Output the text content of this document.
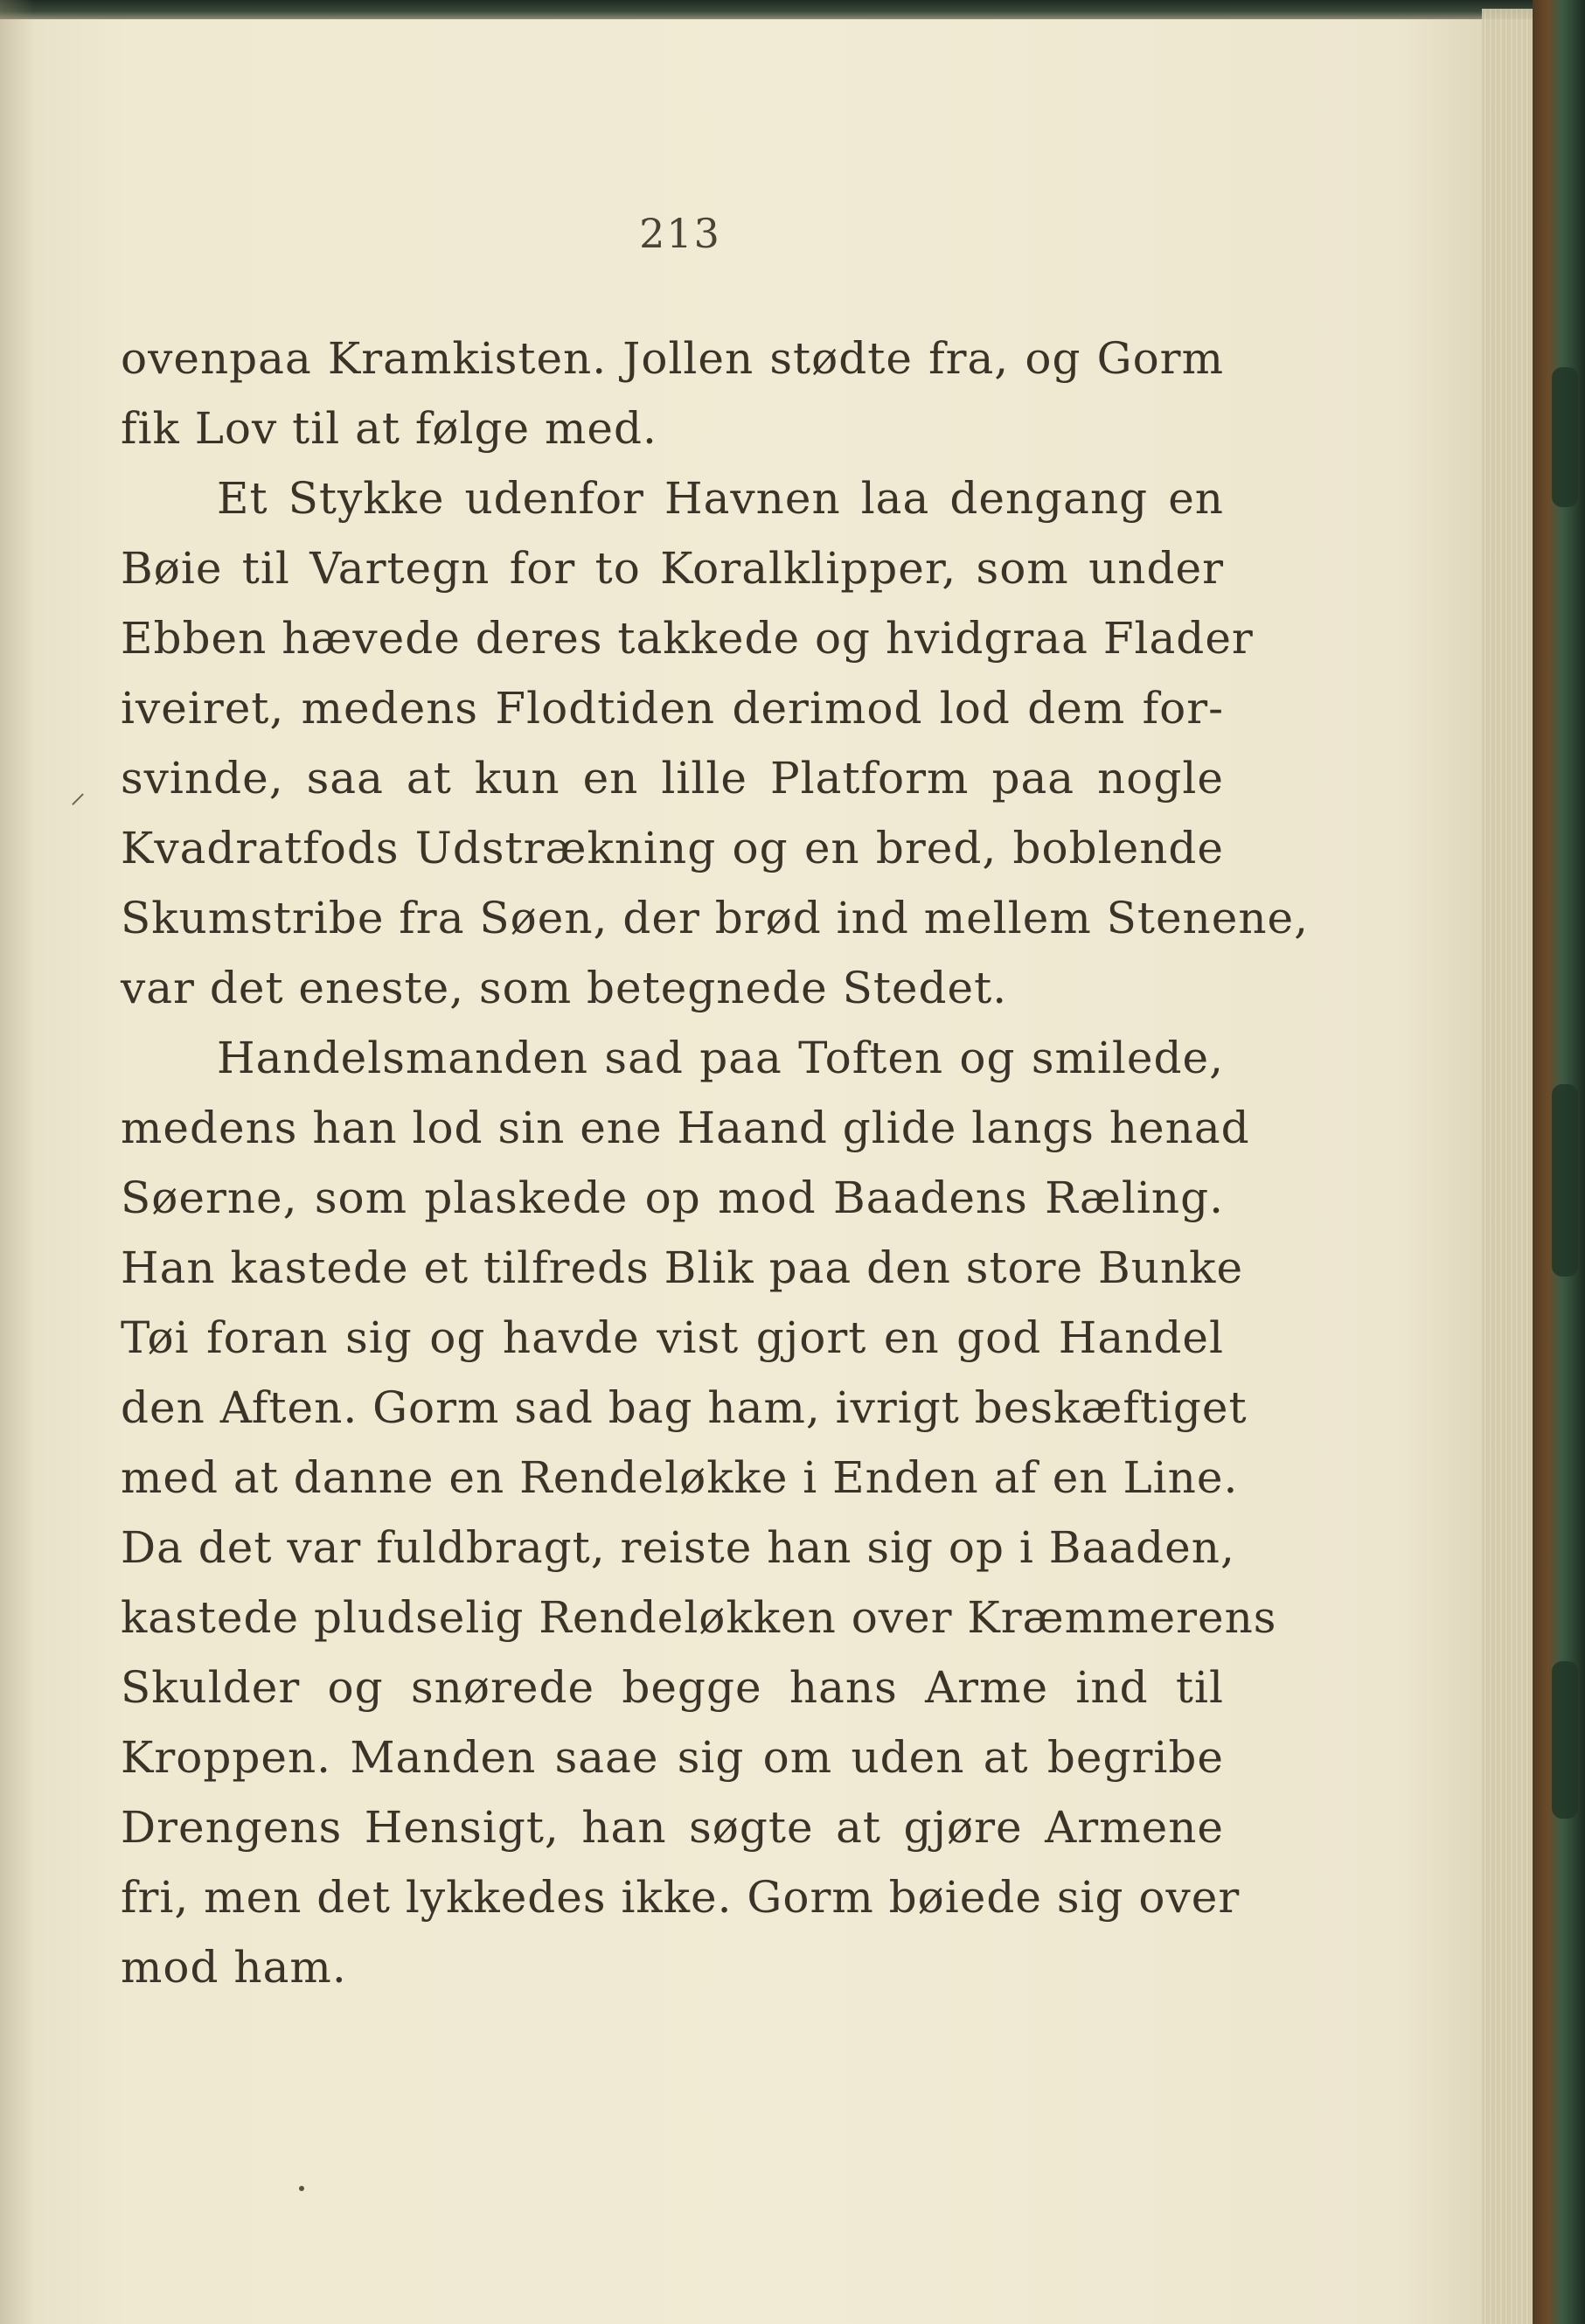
⸝
213
ovenpaa Kramkisten. Jollen stødte fra, og Gorm
fik Lov til at følge med.
Et Stykke udenfor Havnen laa dengang en
Bøie til Vartegn for to Koralklipper, som under
Ebben hævede deres takkede og hvidgraa Flader
iveiret, medens Flodtiden derimod lod dem for-
svinde, saa at kun en lille Platform paa nogle
Kvadratfods Udstrækning og en bred, boblende
Skumstribe fra Søen, der brød ind mellem Stenene,
var det eneste, som betegnede Stedet.
Handelsmanden sad paa Toften og smilede,
medens han lod sin ene Haand glide langs henad
Søerne, som plaskede op mod Baadens Ræling.
Han kastede et tilfreds Blik paa den store Bunke
Tøi foran sig og havde vist gjort en god Handel
den Aften. Gorm sad bag ham, ivrigt beskæftiget
med at danne en Rendeløkke i Enden af en Line.
Da det var fuldbragt, reiste han sig op i Baaden,
kastede pludselig Rendeløkken over Kræmmerens
Skulder og snørede begge hans Arme ind til
Kroppen. Manden saae sig om uden at begribe
Drengens Hensigt, han søgte at gjøre Armene
fri, men det lykkedes ikke. Gorm bøiede sig over
mod ham.
